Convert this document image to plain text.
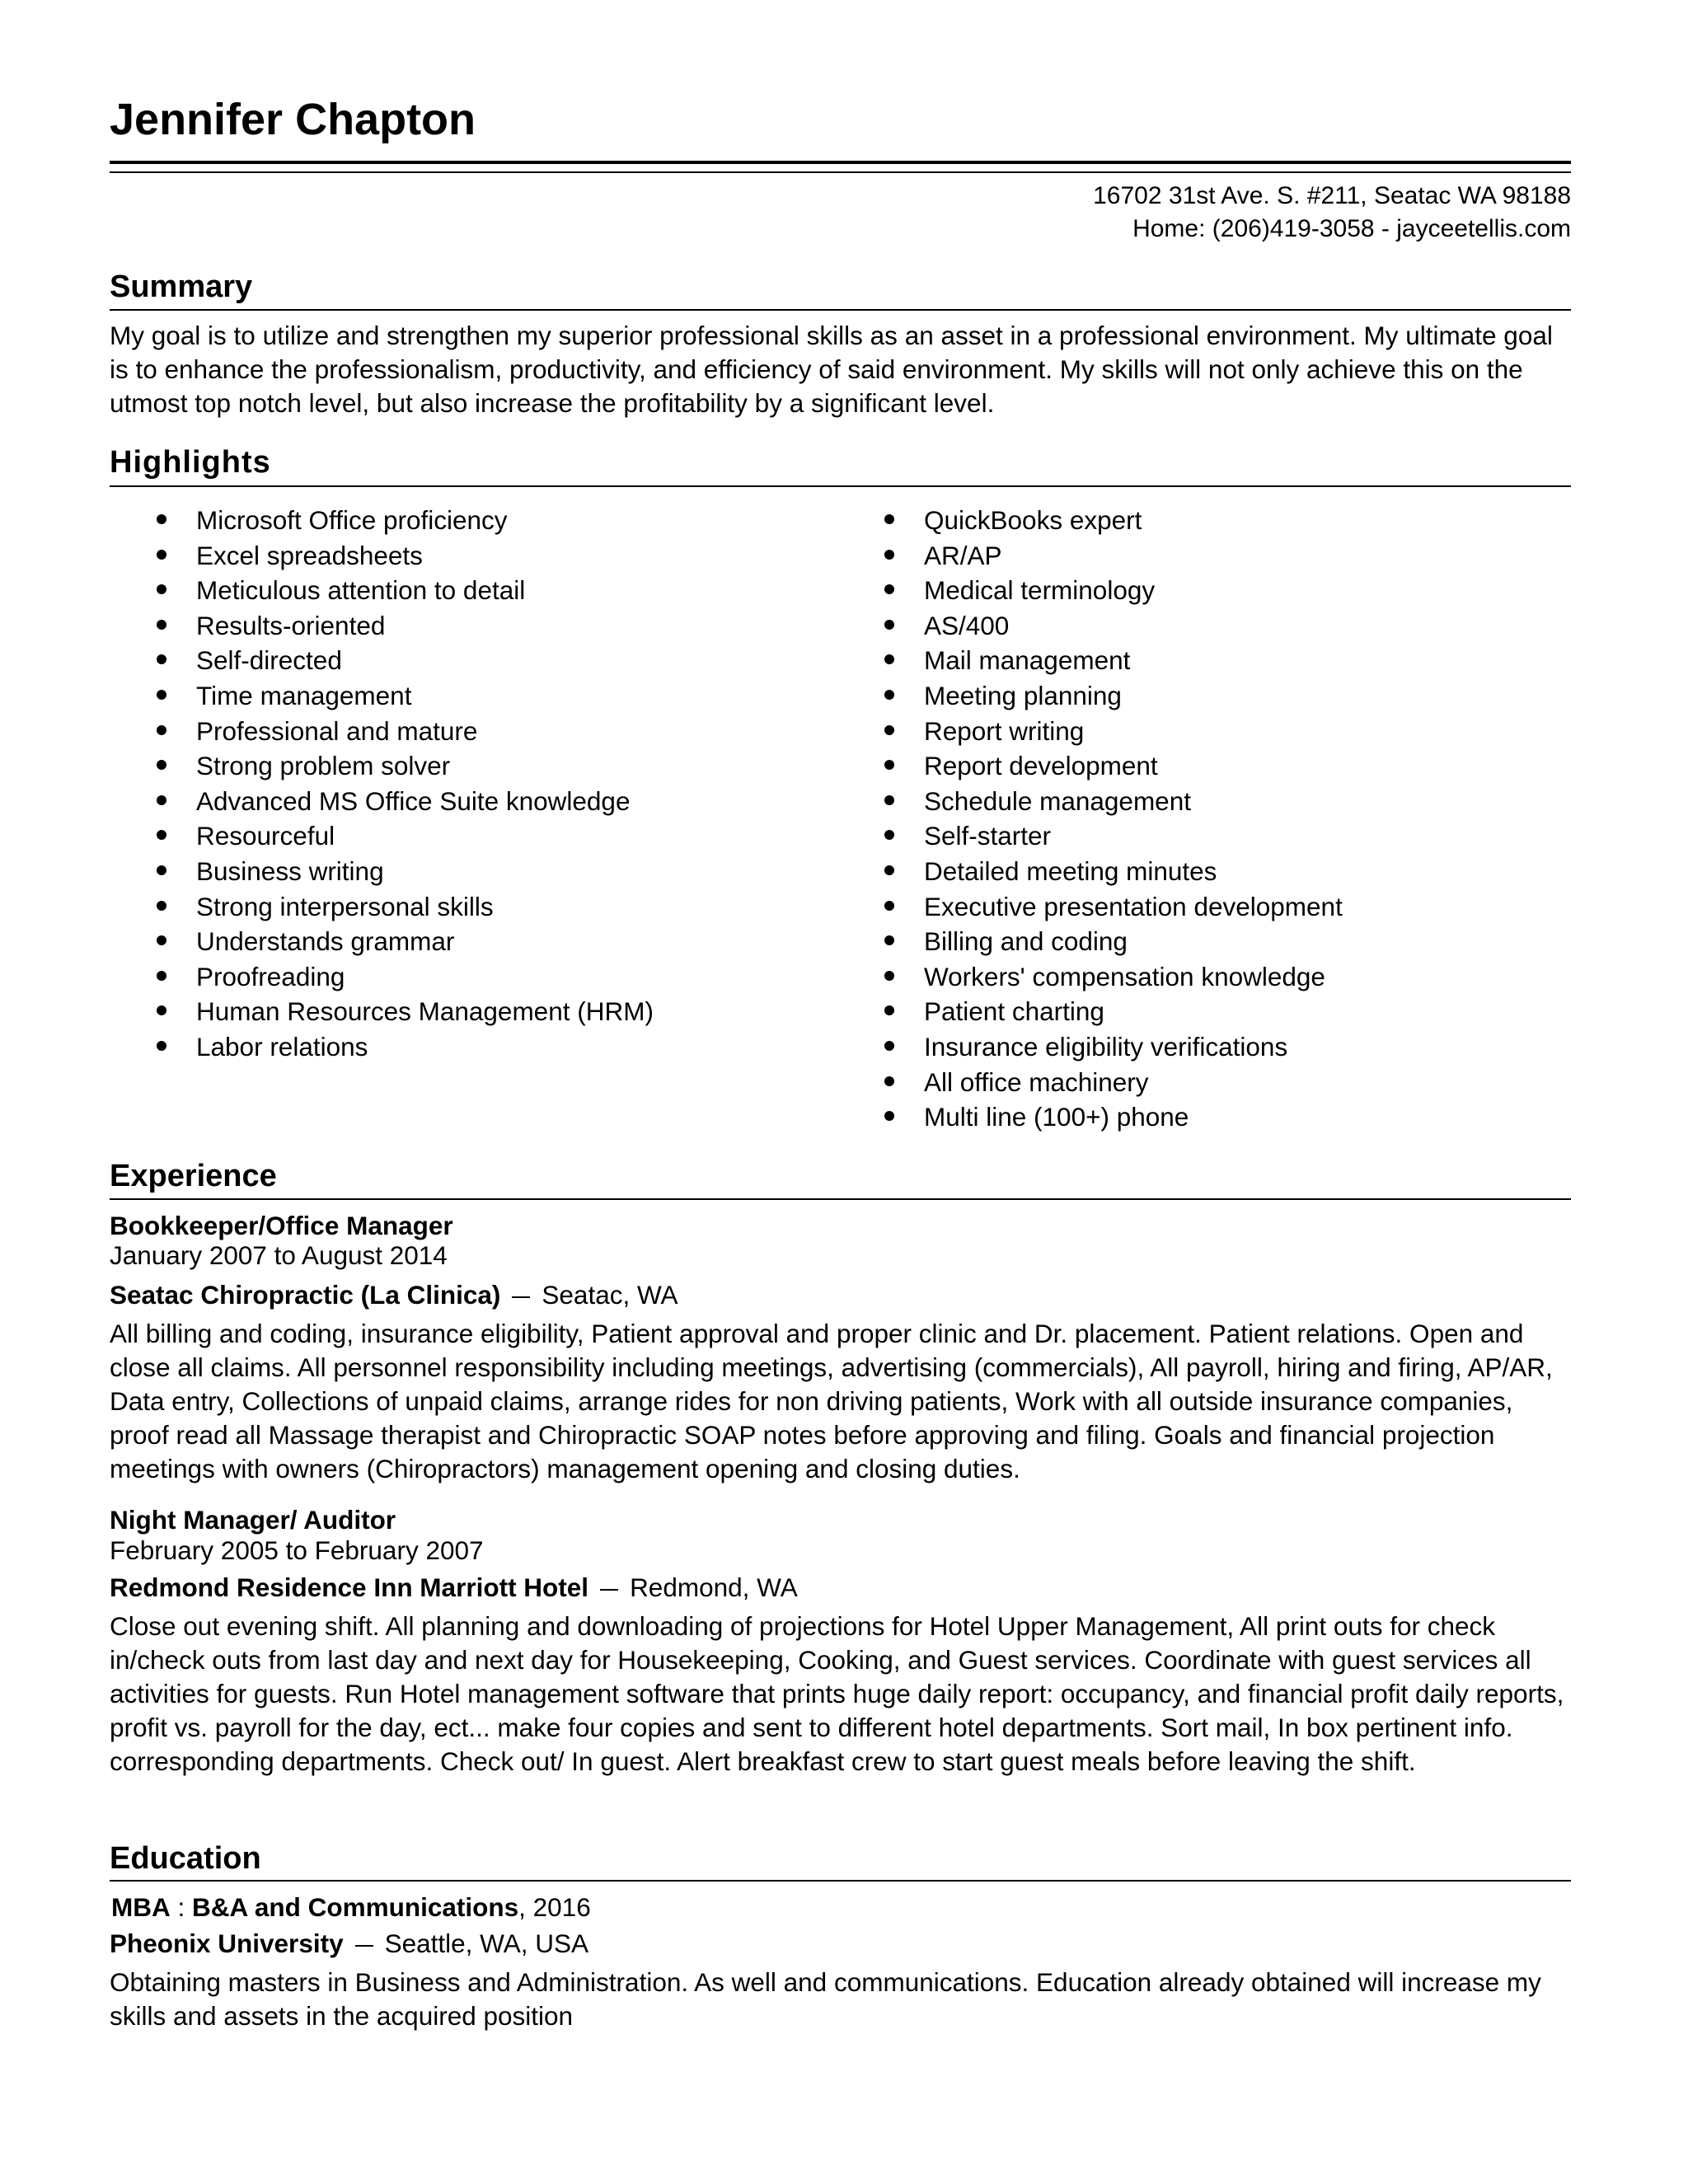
Jennifer Chapton
16702 31st Ave. S. #211, Seatac WA 98188
Home: (206)419-3058 - jayceetellis.com
Summary

My goal is to utilize and strengthen my superior professional skills as an asset in a professional environment. My ultimate goal is to enhance the professionalism, productivity, and efficiency of said environment. My skills will not only achieve this on the utmost top notch level, but also increase the profitability by a significant level.

Highlights
Microsoft Office proficiency
Excel spreadsheets
Meticulous attention to detail
Results-oriented
Self-directed
Time management
Professional and mature
Strong problem solver
Advanced MS Office Suite knowledge
Resourceful
Business writing
Strong interpersonal skills
Understands grammar
Proofreading
Human Resources Management (HRM)
Labor relations
QuickBooks expert
AR/AP
Medical terminology
AS/400
Mail management
Meeting planning
Report writing
Report development
Schedule management
Self-starter
Detailed meeting minutes
Executive presentation development
Billing and coding
Workers' compensation knowledge
Patient charting
Insurance eligibility verifications
All office machinery
Multi line (100+) phone
Experience
Bookkeeper/Office Manager
January 2007 to August 2014
Seatac Chiropractic (La Clinica) Seatac, WA

All billing and coding, insurance eligibility, Patient approval and proper clinic and Dr. placement. Patient relations. Open and close all claims. All personnel responsibility including meetings, advertising (commercials), All payroll, hiring and firing, AP/AR, Data entry, Collections of unpaid claims, arrange rides for non driving patients, Work with all outside insurance companies, proof read all Massage therapist and Chiropractic SOAP notes before approving and filing. Goals and financial projection meetings with owners (Chiropractors) management opening and closing duties.

Night Manager/ Auditor
February 2005 to February 2007
Redmond Residence Inn Marriott Hotel Redmond, WA

Close out evening shift. All planning and downloading of projections for Hotel Upper Management, All print outs for check in/check outs from last day and next day for Housekeeping, Cooking, and Guest services. Coordinate with guest services all activities for guests. Run Hotel management software that prints huge daily report: occupancy, and financial profit daily reports, profit vs. payroll for the day, ect... make four copies and sent to different hotel departments. Sort mail, In box pertinent info. corresponding departments. Check out/ In guest. Alert breakfast crew to start guest meals before leaving the shift.

Education
MBA : B&A and Communications, 2016
Pheonix University Seattle, WA, USA

Obtaining masters in Business and Administration. As well and communications. Education already obtained will increase my skills and assets in the acquired position
